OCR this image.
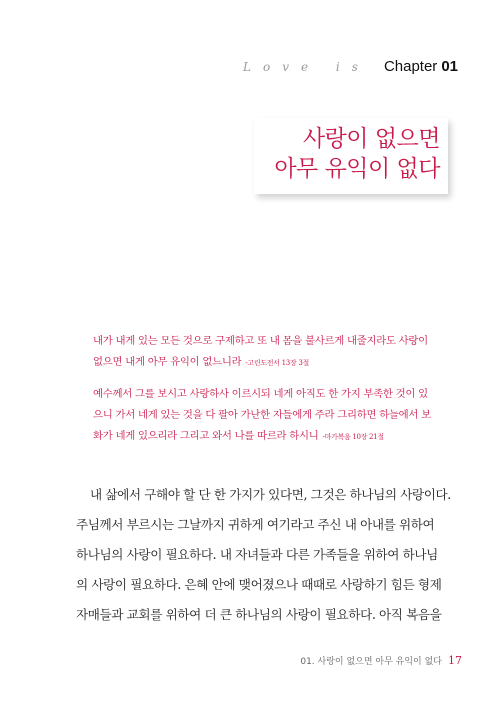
Love is Chapter 01
사랑이 없으면
아무 유익이 없다
내가 내게 있는 모든 것으로 구제하고 또 내 몸을 불사르게 내줄지라도 사랑이
없으면 내게 아무 유익이 없느니라 -고린도전서 13장 3절
예수께서 그를 보시고 사랑하사 이르시되 네게 아직도 한 가지 부족한 것이 있
으니 가서 네게 있는 것을 다 팔아 가난한 자들에게 주라 그리하면 하늘에서 보
화가 네게 있으리라 그리고 와서 나를 따르라 하시니 -마가복음 10장 21절
내 삶에서 구해야 할 단 한 가지가 있다면, 그것은 하나님의 사랑이다.
주님께서 부르시는 그날까지 귀하게 여기라고 주신 내 아내를 위하여
하나님의 사랑이 필요하다. 내 자녀들과 다른 가족들을 위하여 하나님
의 사랑이 필요하다. 은혜 안에 맺어졌으나 때때로 사랑하기 힘든 형제
자매들과 교회를 위하여 더 큰 하나님의 사랑이 필요하다. 아직 복음을
01. 사랑이 없으면 아무 유익이 없다 17
